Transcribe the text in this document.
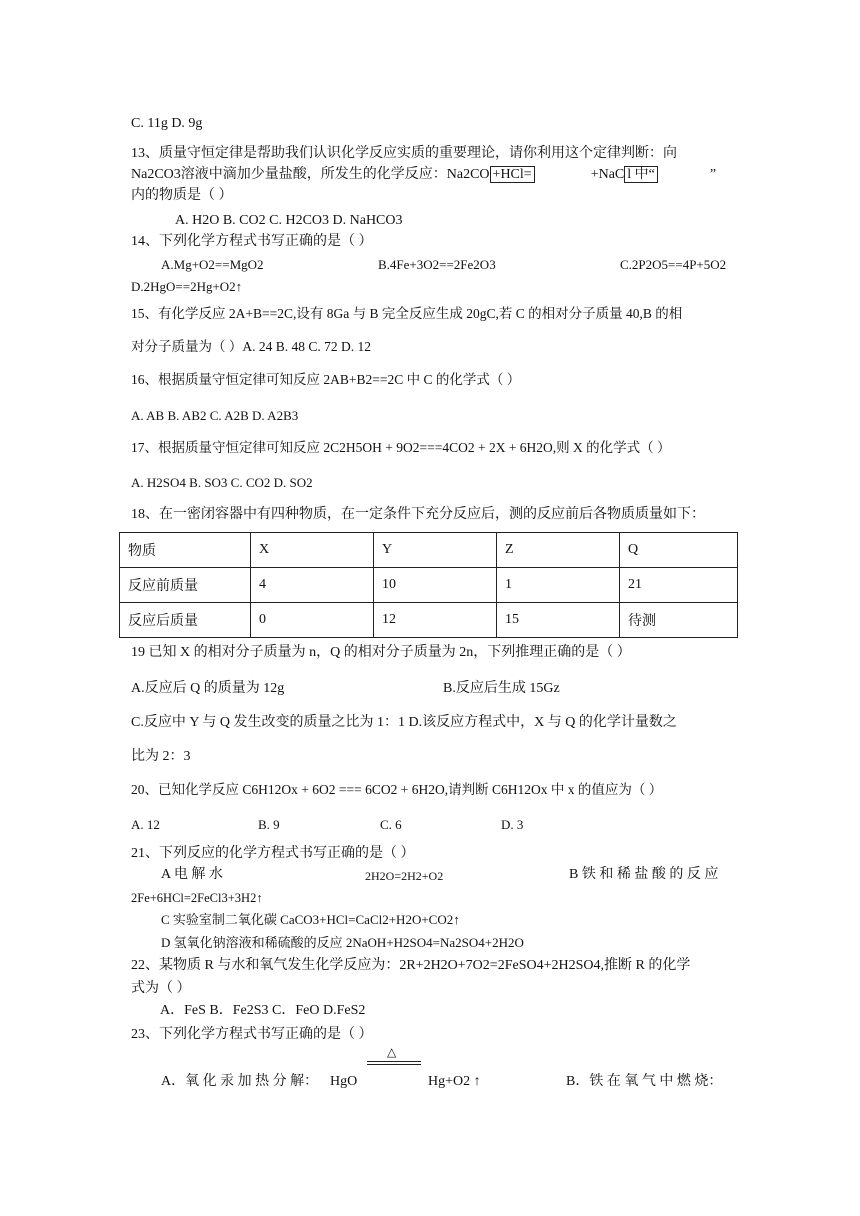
C. 11g D. 9g
13、质量守恒定律是帮助我们认识化学反应实质的重要理论，请你利用这个定律判断：向
Na2CO3溶液中滴加少量盐酸，所发生的化学反应：Na2CO +HCl=	+NaC l 中“	”
内的物质是（ ）
A. H2O B. CO2 C. H2CO3 D. NaHCO3
14、下列化学方程式书写正确的是（ ）
A.Mg+O2==MgO2	B.4Fe+3O2==2Fe2O3	C.2P2O5==4P+5O2
D.2HgO==2Hg+O2↑
15、有化学反应 2A+B==2C,设有 8Ga 与 B 完全反应生成 20gC,若 C 的相对分子质量 40,B 的相
对分子质量为（ ）A. 24 B. 48 C. 72 D. 12
16、根据质量守恒定律可知反应 2AB+B2==2C 中 C 的化学式（ ）
A. AB B. AB2 C. A2B D. A2B3
17、根据质量守恒定律可知反应 2C2H5OH + 9O2===4CO2 + 2X + 6H2O,则 X 的化学式（ ）
A. H2SO4 B. SO3 C. CO2 D. SO2
18、在一密闭容器中有四种物质，在一定条件下充分反应后，测的反应前后各物质质量如下：
物质	X	Y	Z	Q
反应前质量	4	10	1	21
反应后质量	0	12	15	待测
19 已知 X 的相对分子质量为 n，Q 的相对分子质量为 2n，下列推理正确的是（ ）
A.反应后 Q 的质量为 12g	B.反应后生成 15Gz
C.反应中 Y 与 Q 发生改变的质量之比为 1：1 D.该反应方程式中，X 与 Q 的化学计量数之
比为 2：3
20、已知化学反应 C6H12Ox + 6O2 === 6CO2 + 6H2O,请判断 C6H12Ox 中 x 的值应为（ ）
A. 12	B. 9	C. 6	D. 3
21、下列反应的化学方程式书写正确的是（ ）
A 电 解 水	2H2O=2H2+O2	B 铁 和 稀 盐 酸 的 反 应
2Fe+6HCl=2FeCl3+3H2↑
C 实验室制二氧化碳 CaCO3+HCl=CaCl2+H2O+CO2↑
D 氢氧化钠溶液和稀硫酸的反应 2NaOH+H2SO4=Na2SO4+2H2O
22、某物质 R 与水和氧气发生化学反应为：2R+2H2O+7O2=2FeSO4+2H2SO4,推断 R 的化学
式为（ ）
A．FeS B．Fe2S3 C．FeO D.FeS2
23、下列化学方程式书写正确的是（ ）
A．氧 化 汞 加 热 分 解： HgO
△
Hg+O2 ↑	B．铁 在 氧 气 中 燃 烧：
